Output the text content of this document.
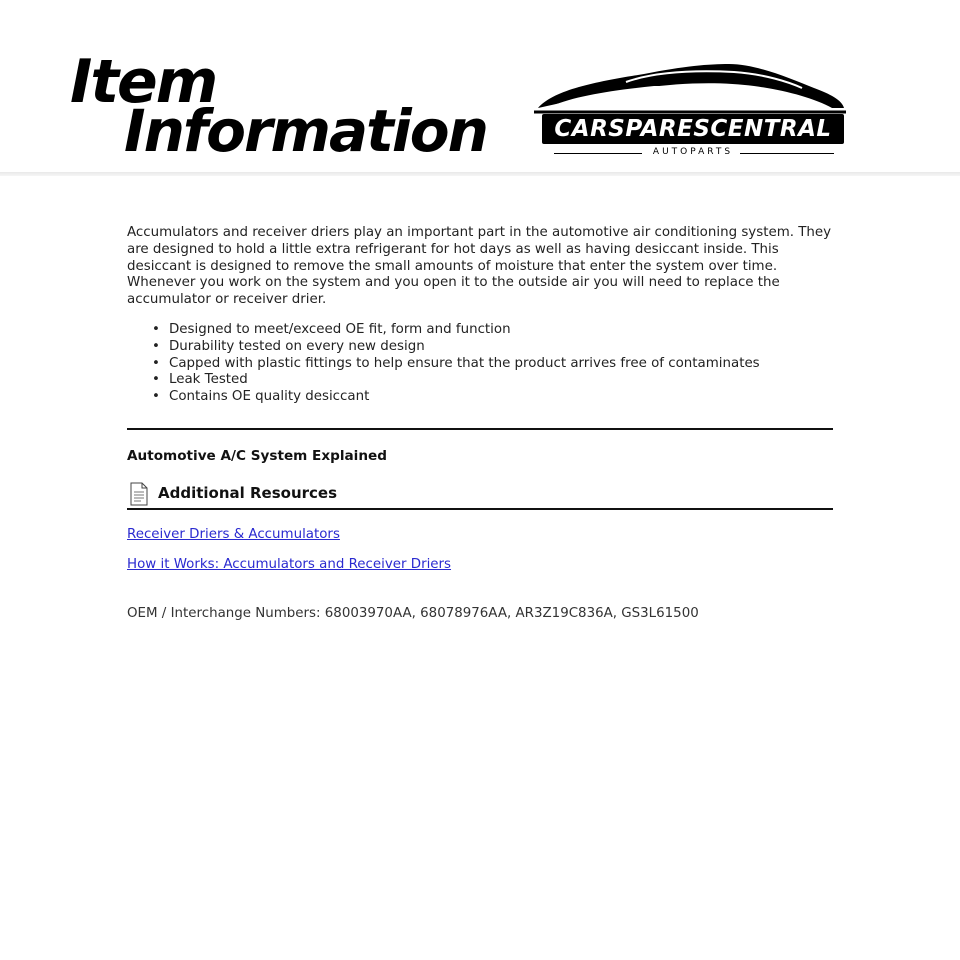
Item
Information	CARSPARESCENTRAL
AUTOPARTS

Accumulators and receiver driers play an important part in the automotive air conditioning system. They are designed to hold a little extra refrigerant for hot days as well as having desiccant inside. This desiccant is designed to remove the small amounts of moisture that enter the system over time. Whenever you work on the system and you open it to the outside air you will need to replace the accumulator or receiver drier.

• Designed to meet/exceed OE fit, form and function
• Durability tested on every new design
• Capped with plastic fittings to help ensure that the product arrives free of contaminates
• Leak Tested
• Contains OE quality desiccant
Automotive A/C System Explained
Additional Resources
Receiver Driers & Accumulators
How it Works: Accumulators and Receiver Driers
OEM / Interchange Numbers: 68003970AA, 68078976AA, AR3Z19C836A, GS3L61500
